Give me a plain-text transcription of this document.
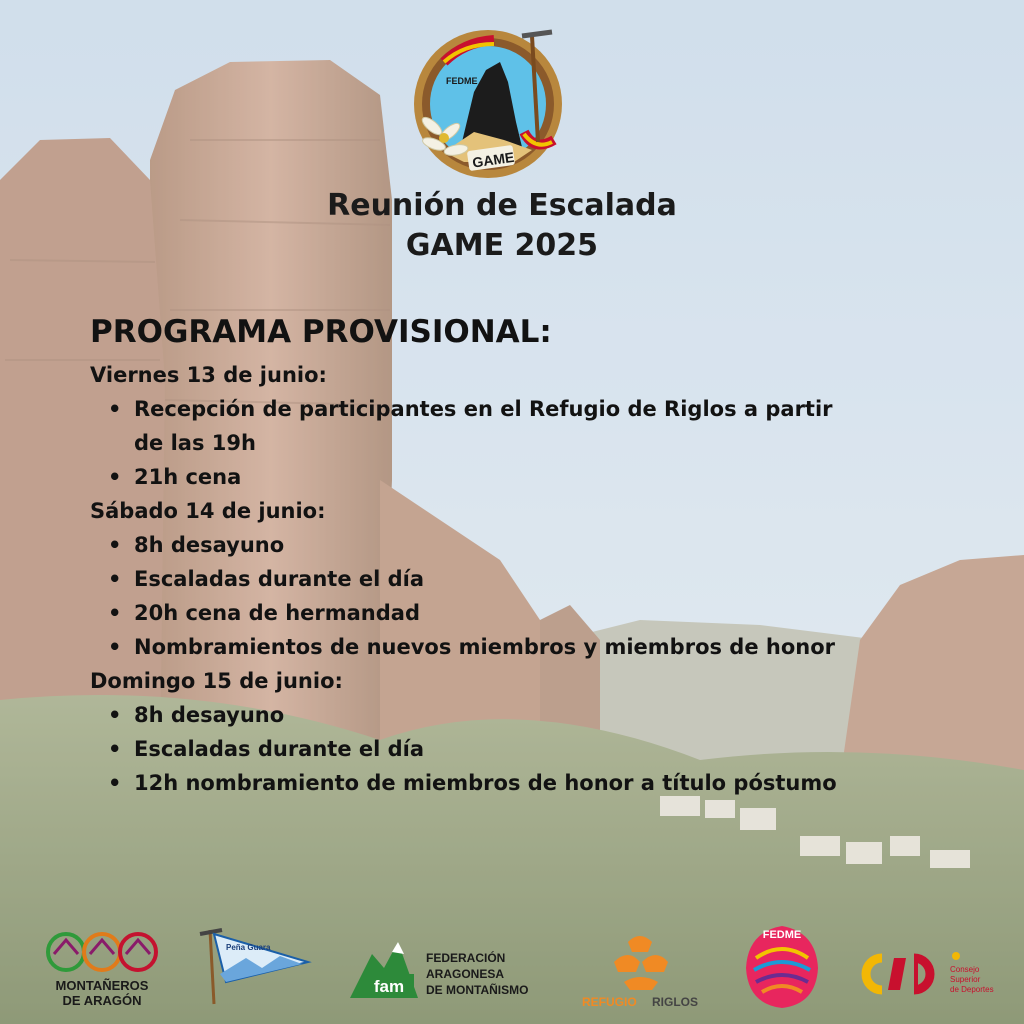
FEDME
GAME
Reunión de Escalada
GAME 2025
PROGRAMA PROVISIONAL:
Viernes 13 de junio:
• Recepción de participantes en el Refugio de Riglos a partir de las 19h
• 21h cena
Sábado 14 de junio:
• 8h desayuno
• Escaladas durante el día
• 20h cena de hermandad
• Nombramientos de nuevos miembros y miembros de honor
Domingo 15 de junio:
• 8h desayuno
• Escaladas durante el día
• 12h nombramiento de miembros de honor a título póstumo
MONTAÑEROS
DE ARAGÓN
Peña Guara
fam
FEDERACIÓN
ARAGONESA
DE MONTAÑISMO
REFUGIO RIGLOS
FEDME
Consejo
Superior
de Deportes
